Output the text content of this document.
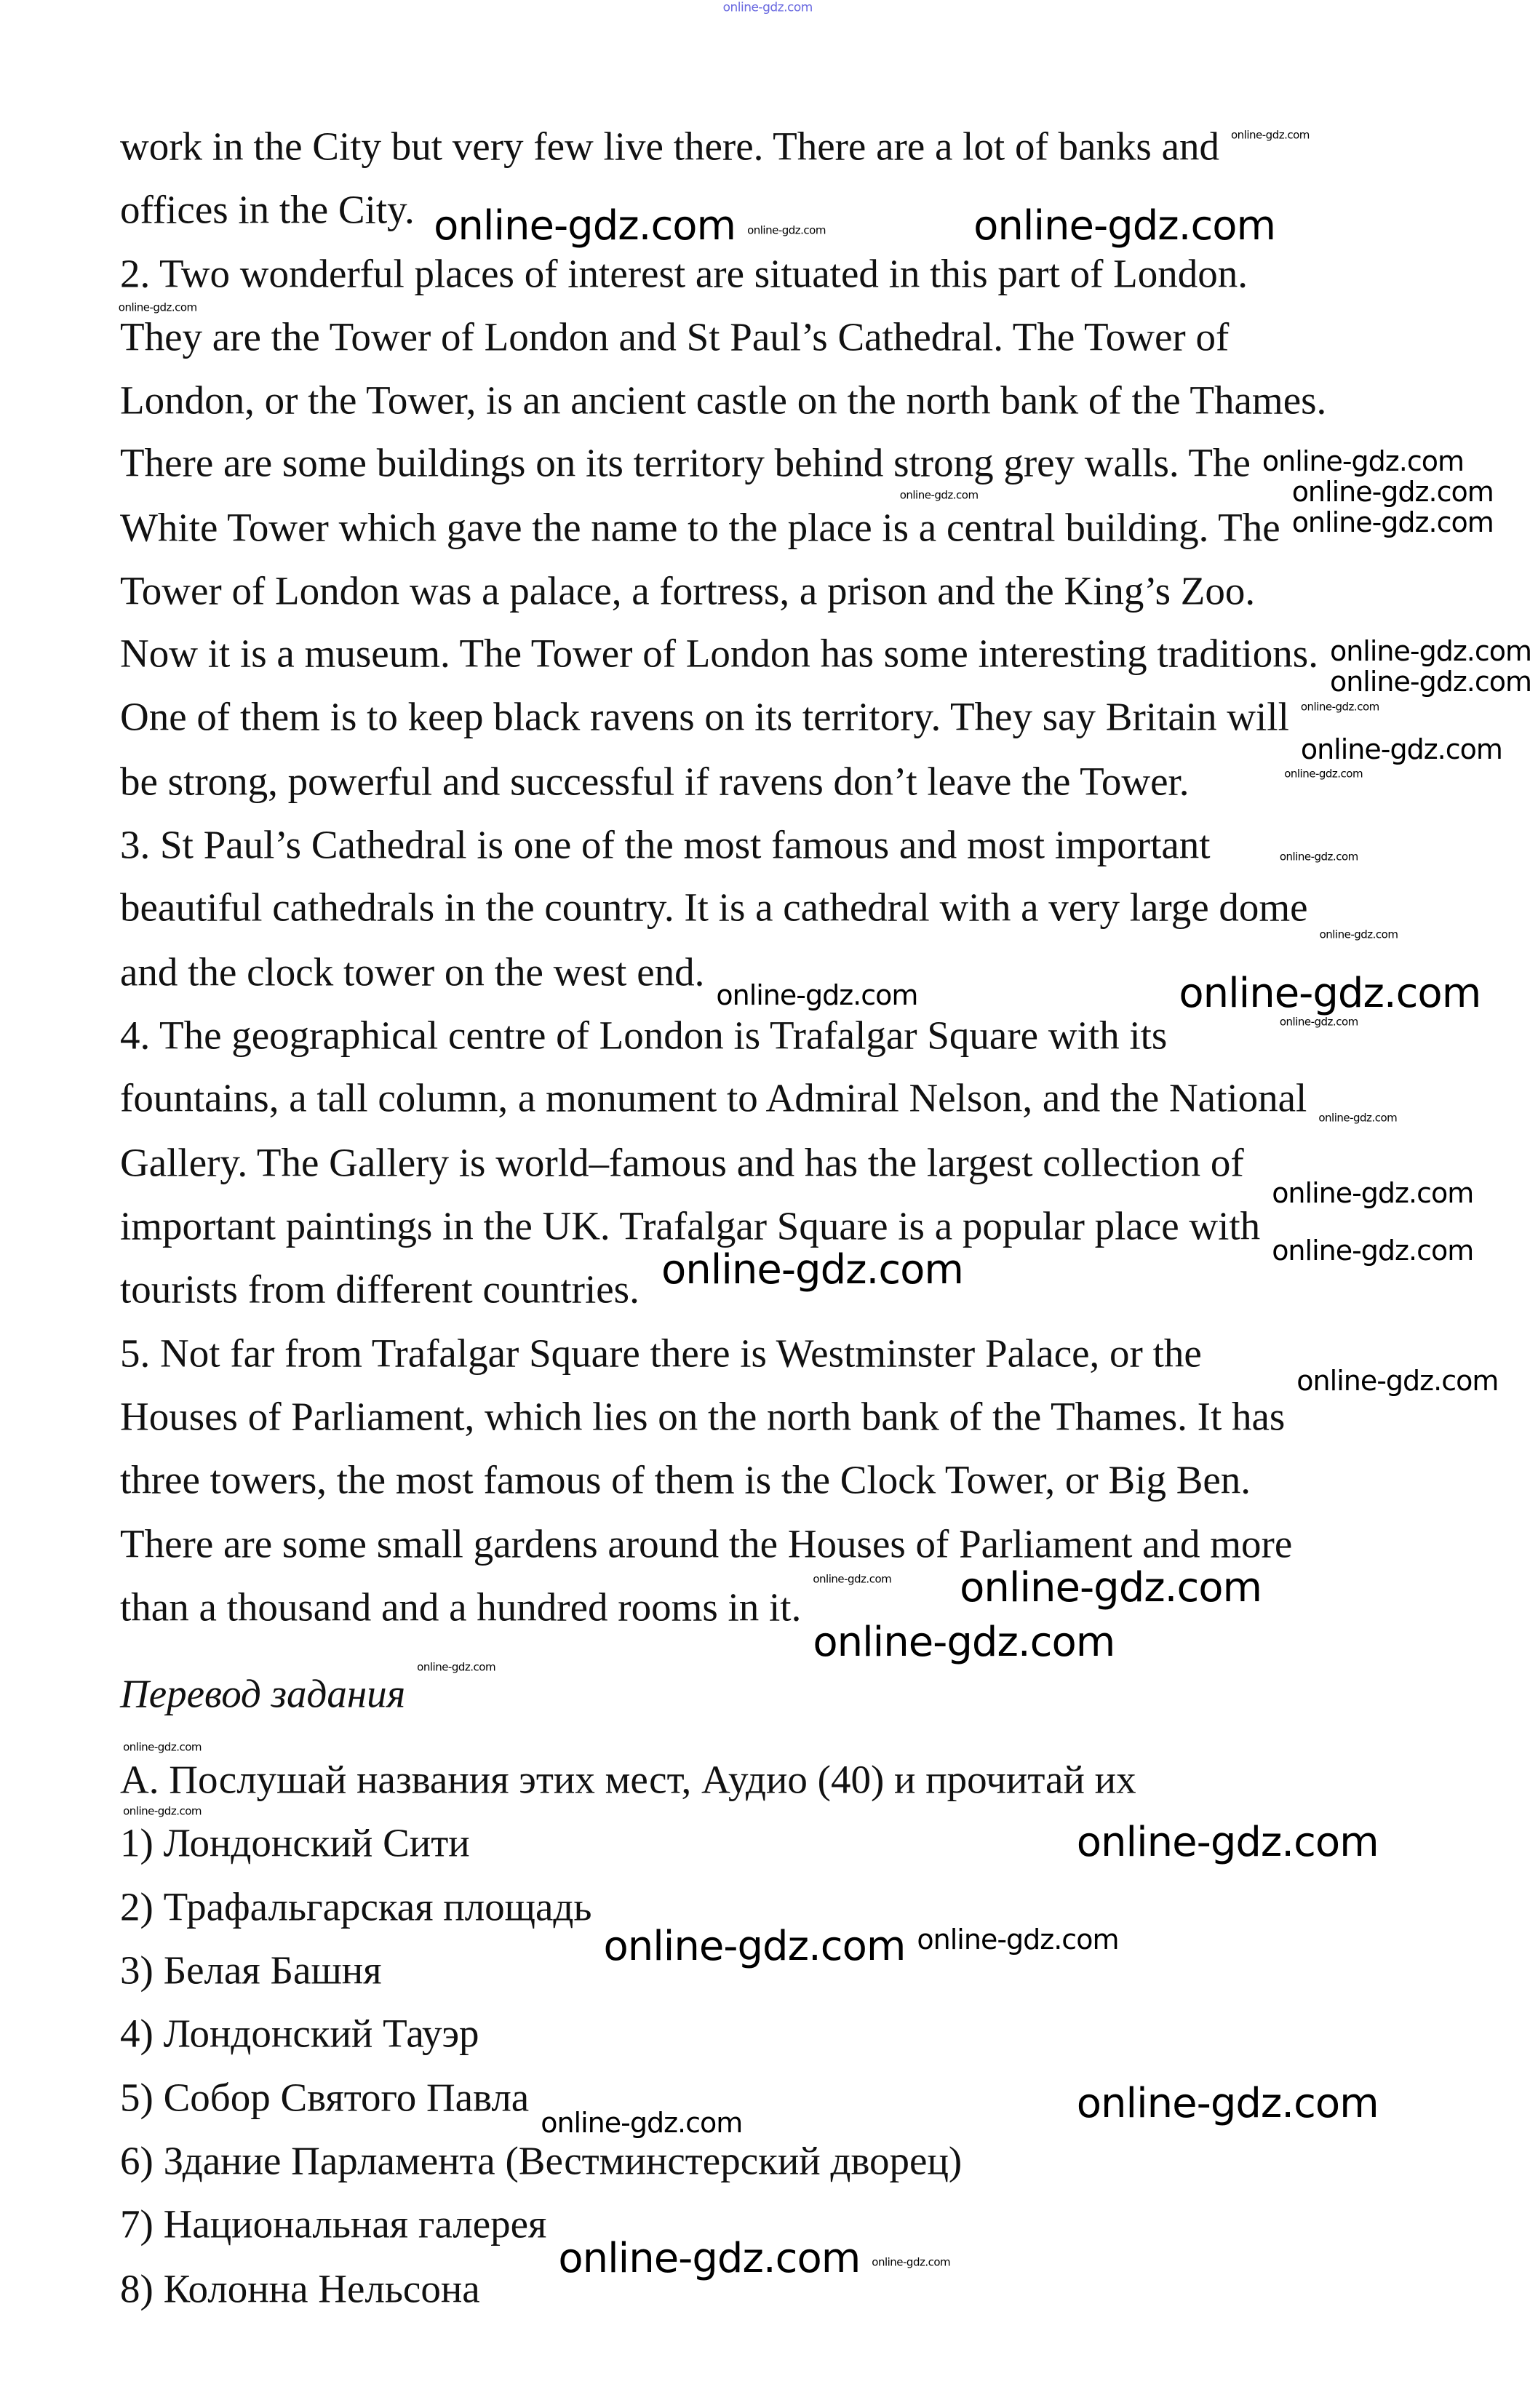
work in the City but very few live there. There are a lot of banks and
offices in the City.
2. Two wonderful places of interest are situated in this part of London.
They are the Tower of London and St Paul’s Cathedral. The Tower of
London, or the Tower, is an ancient castle on the north bank of the Thames.
There are some buildings on its territory behind strong grey walls. The
White Tower which gave the name to the place is a central building. The
Tower of London was a palace, a fortress, a prison and the King’s Zoo.
Now it is a museum. The Tower of London has some interesting traditions.
One of them is to keep black ravens on its territory. They say Britain will
be strong, powerful and successful if ravens don’t leave the Tower.
3. St Paul’s Cathedral is one of the most famous and most important
beautiful cathedrals in the country. It is a cathedral with a very large dome
and the clock tower on the west end.
4. The geographical centre of London is Trafalgar Square with its
fountains, a tall column, a monument to Admiral Nelson, and the National
Gallery. The Gallery is world–famous and has the largest collection of
important paintings in the UK. Trafalgar Square is a popular place with
tourists from different countries.
5. Not far from Trafalgar Square there is Westminster Palace, or the
Houses of Parliament, which lies on the north bank of the Thames. It has
three towers, the most famous of them is the Clock Tower, or Big Ben.
There are some small gardens around the Houses of Parliament and more
than a thousand and a hundred rooms in it.
Перевод задания
А. Послушай названия этих мест, Аудио (40) и прочитай их
1) Лондонский Сити
2) Трафальгарская площадь
3) Белая Башня
4) Лондонский Тауэр
5) Собор Святого Павла
6) Здание Парламента (Вестминстерский дворец)
7) Национальная галерея
8) Колонна Нельсона
online-gdz.com	online-gdz.com
online-gdz.com
online-gdz.com
online-gdz.com
online-gdz.com
online-gdz.com
online-gdz.com
online-gdz.com
online-gdz.com
online-gdz.com
online-gdz.com
online-gdz.com
online-gdz.com
online-gdz.com
online-gdz.com
online-gdz.com
online-gdz.com
online-gdz.com
online-gdz.com
online-gdz.com
online-gdz.com
online-gdz.com
online-gdz.com
online-gdz.com
online-gdz.com
online-gdz.com
online-gdz.com
online-gdz.com
online-gdz.com
online-gdz.com
online-gdz.com
online-gdz.com
online-gdz.com
online-gdz.com
online-gdz.com
online-gdz.com
online-gdz.com
